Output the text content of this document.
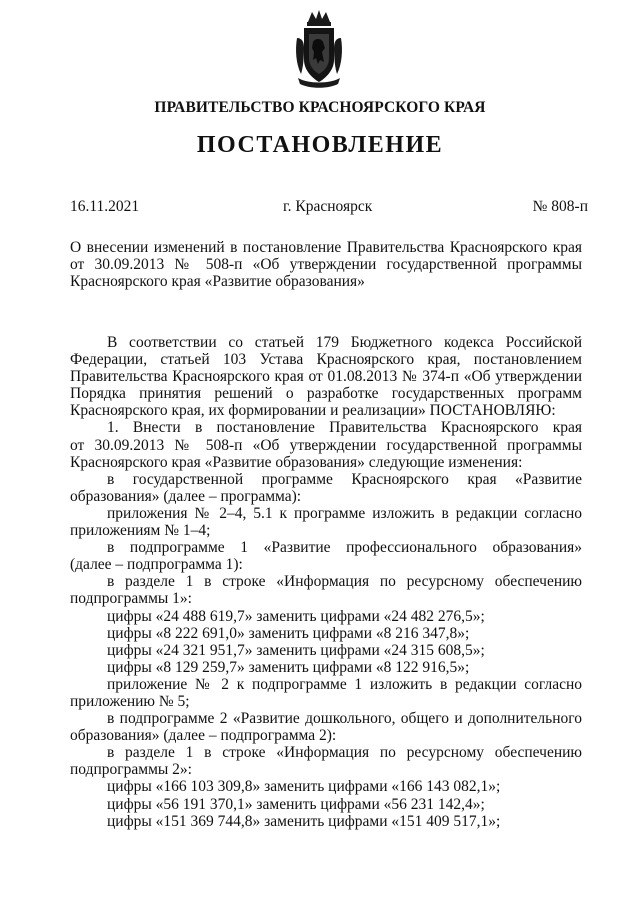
ПРАВИТЕЛЬСТВО КРАСНОЯРСКОГО КРАЯ
ПОСТАНОВЛЕНИЕ
16.11.2021	г. Красноярск	№ 808-п
О внесении изменений в постановление Правительства Красноярского края
от 30.09.2013 № 508-п «Об утверждении государственной программы
Красноярского края «Развитие образования»
В соответствии со статьей 179 Бюджетного кодекса Российской
Федерации, статьей 103 Устава Красноярского края, постановлением
Правительства Красноярского края от 01.08.2013 № 374-п «Об утверждении
Порядка принятия решений о разработке государственных программ
Красноярского края, их формировании и реализации» ПОСТАНОВЛЯЮ:
1. Внести в постановление Правительства Красноярского края
от 30.09.2013 № 508-п «Об утверждении государственной программы
Красноярского края «Развитие образования» следующие изменения:
в государственной программе Красноярского края «Развитие
образования» (далее – программа):
приложения № 2–4, 5.1 к программе изложить в редакции согласно
приложениям № 1–4;
в подпрограмме 1 «Развитие профессионального образования»
(далее – подпрограмма 1):
в разделе 1 в строке «Информация по ресурсному обеспечению
подпрограммы 1»:
цифры «24 488 619,7» заменить цифрами «24 482 276,5»;
цифры «8 222 691,0» заменить цифрами «8 216 347,8»;
цифры «24 321 951,7» заменить цифрами «24 315 608,5»;
цифры «8 129 259,7» заменить цифрами «8 122 916,5»;
приложение № 2 к подпрограмме 1 изложить в редакции согласно
приложению № 5;
в подпрограмме 2 «Развитие дошкольного, общего и дополнительного
образования» (далее – подпрограмма 2):
в разделе 1 в строке «Информация по ресурсному обеспечению
подпрограммы 2»:
цифры «166 103 309,8» заменить цифрами «166 143 082,1»;
цифры «56 191 370,1» заменить цифрами «56 231 142,4»;
цифры «151 369 744,8» заменить цифрами «151 409 517,1»;
